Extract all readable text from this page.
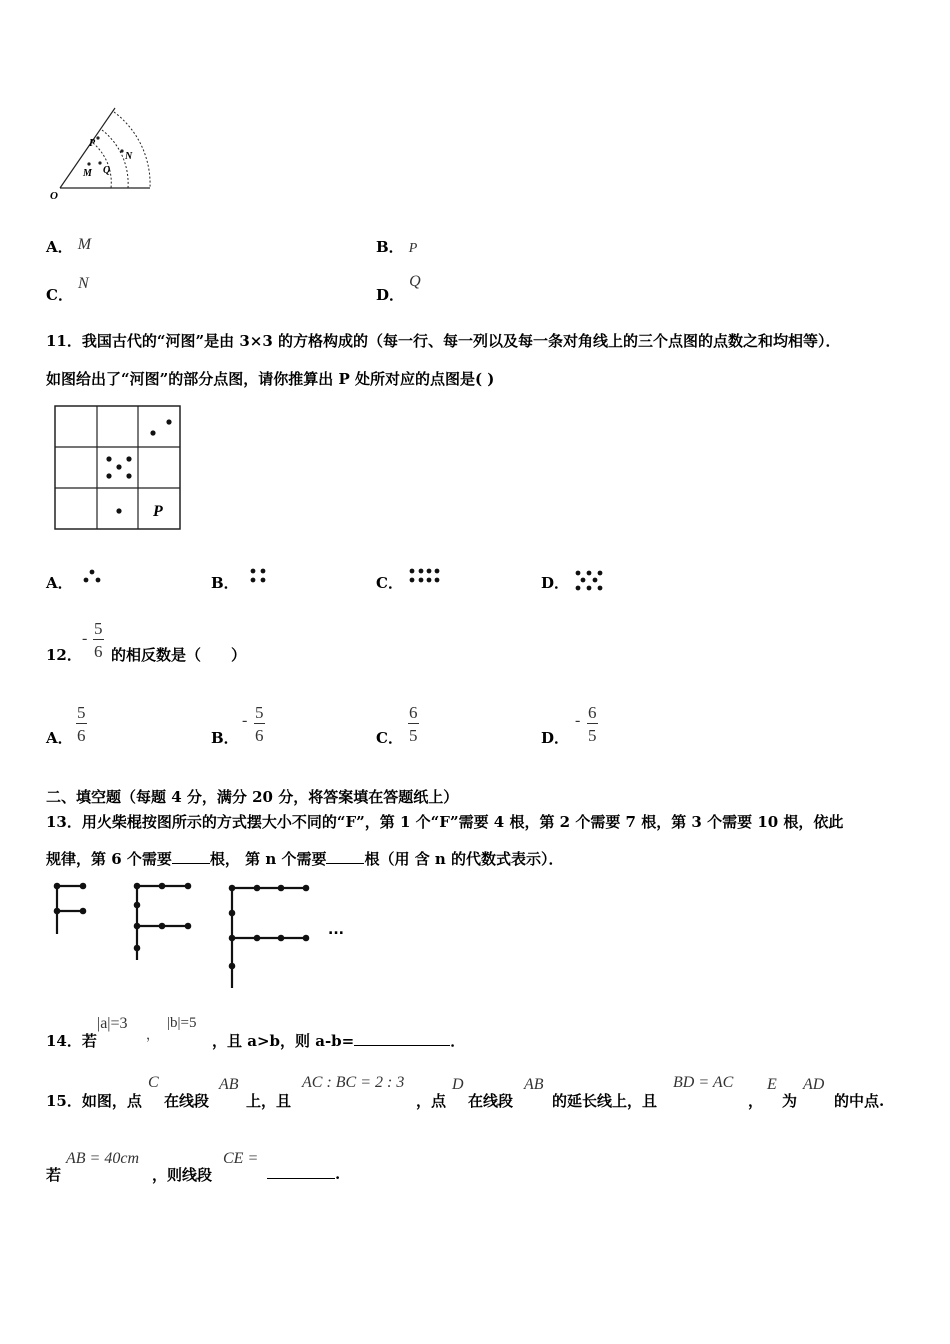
O
P
M Q
N
A． M	B． P
C． N
D． Q
11．我国古代的“河图”是由 3×3 的方格构成的（每一行、每一列以及每一条对角线上的三个点图的点数之和均相等）．
如图给出了“河图”的部分点图，请你推算出 P 处所对应的点图是( )
P
A．	B．	C．	D．
12．
- $\frac{5}{6}$ 的相反数是（　　）
A． $\frac{5}{6}$	B．
- $\frac{5}{6}$	C． $\frac{6}{5}$	D．
- $\frac{6}{5}$
二、填空题（每题 4 分，满分 20 分，将答案填在答题纸上）
13．用火柴棍按图所示的方式摆大小不同的“F”，第 1 个“F”需要 4 根，第 2 个需要 7 根，第 3 个需要 10 根，依此
规律，第 6 个需要	根， 第 n 个需要	根（用 含 n 的代数式表示）．
...
14．若
|a|=3
，
|b|=5
，且 a>b，则 a-b=	．
15．如图，点
C
在线段
AB
上，且
AC : BC = 2 : 3
，点
D
在线段
AB
的延长线上，且
BD = AC
，
E
为
AD
的中点.
若
AB = 40cm
，则线段
CE =
.
